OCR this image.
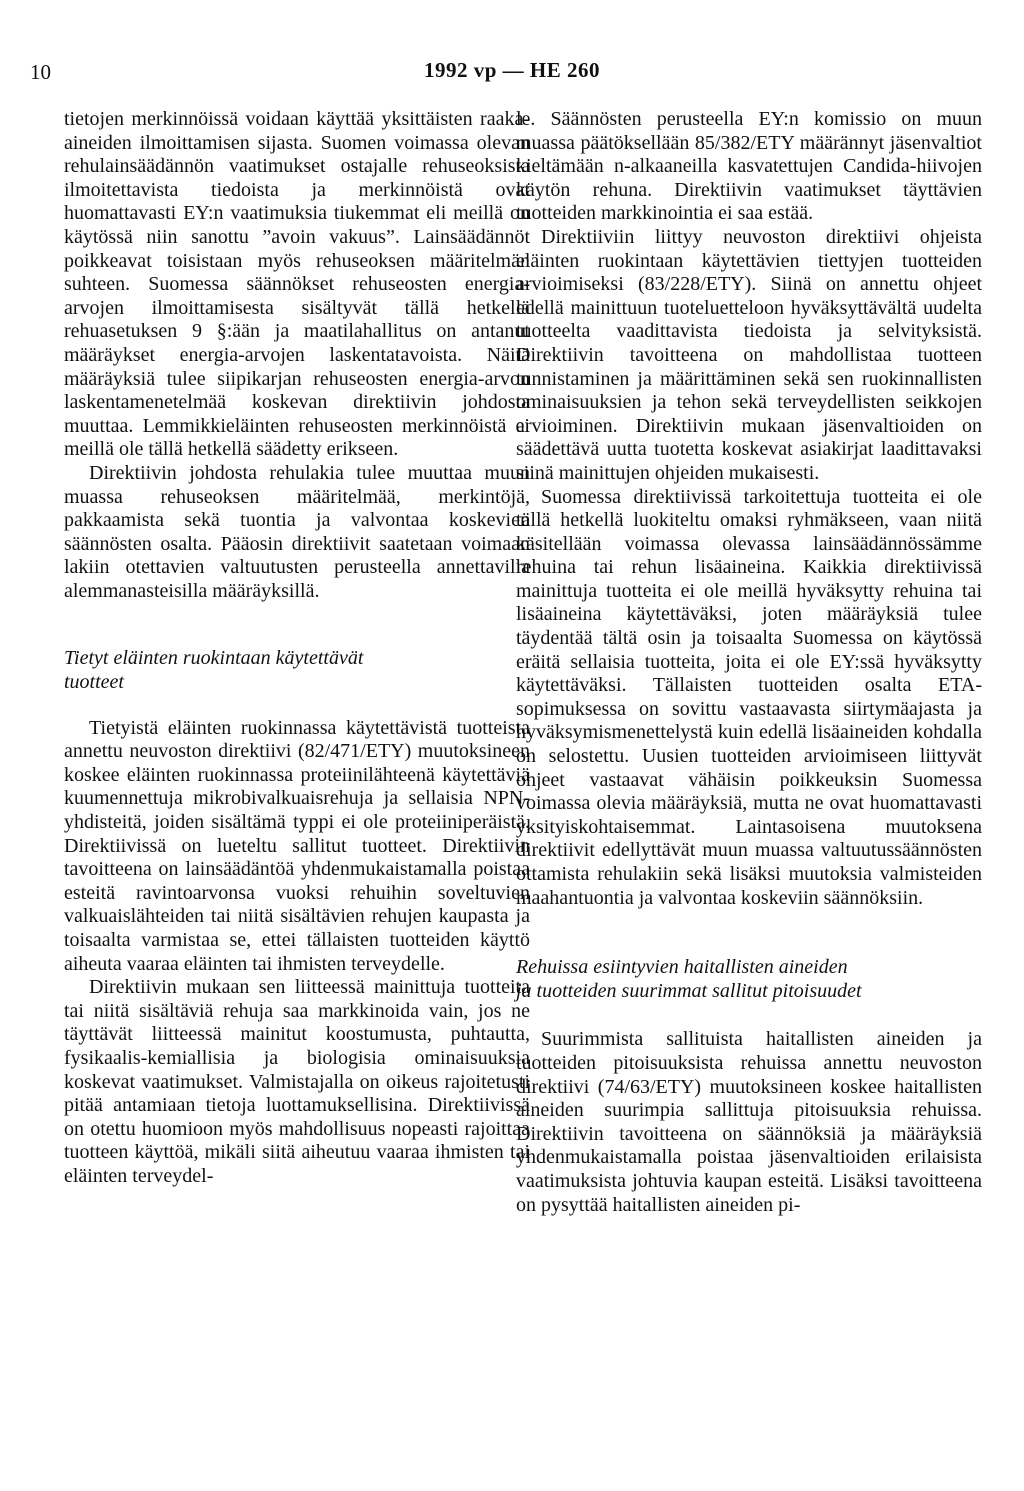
10	1992 vp — HE 260

tietojen merkinnöissä voidaan käyttää yksittäisten raaka-aineiden ilmoittamisen sijasta. Suomen voimassa olevan rehulainsäädännön vaatimukset ostajalle rehuseoksista ilmoitettavista tiedoista ja merkinnöistä ovat huomattavasti EY:n vaatimuksia tiukemmat eli meillä on käytössä niin sanottu ”avoin vakuus”. Lainsäädännöt poikkeavat toisistaan myös rehuseoksen määritelmän suhteen. Suomessa säännökset rehuseosten energia-arvojen ilmoittamisesta sisältyvät tällä hetkellä rehuasetuksen 9 §:ään ja maatilahallitus on antanut määräykset energia-arvojen laskentatavoista. Näitä määräyksiä tulee siipikarjan rehuseosten energia-arvon laskentamenetelmää koskevan direktiivin johdosta muuttaa. Lemmikkieläinten rehuseosten merkinnöistä ei meillä ole tällä hetkellä säädetty erikseen.

Direktiivin johdosta rehulakia tulee muuttaa muun muassa rehuseoksen määritelmää, merkintöjä, pakkaamista sekä tuontia ja valvontaa koskevien säännösten osalta. Pääosin direktiivit saatetaan voimaan lakiin otettavien valtuutusten perusteella annettavilla alemmanasteisilla määräyksillä.

Tietyt eläinten ruokintaan käytettävät
tuotteet

Tietyistä eläinten ruokinnassa käytettävistä tuotteista annettu neuvoston direktiivi (82/471/ETY) muutoksineen koskee eläinten ruokinnassa proteiinilähteenä käytettäviä kuumennettuja mikrobivalkuaisrehuja ja sellaisia NPN-yhdisteitä, joiden sisältämä typpi ei ole proteiiniperäistä. Direktiivissä on lueteltu sallitut tuotteet. Direktiivin tavoitteena on lainsäädäntöä yhdenmukaistamalla poistaa esteitä ravintoarvonsa vuoksi rehuihin soveltuvien valkuaislähteiden tai niitä sisältävien rehujen kaupasta ja toisaalta varmistaa se, ettei tällaisten tuotteiden käyttö aiheuta vaaraa eläinten tai ihmisten terveydelle.

Direktiivin mukaan sen liitteessä mainittuja tuotteita tai niitä sisältäviä rehuja saa markkinoida vain, jos ne täyttävät liitteessä mainitut koostumusta, puhtautta, fysikaalis-kemiallisia ja biologisia ominaisuuksia koskevat vaatimukset. Valmistajalla on oikeus rajoitetusti pitää antamiaan tietoja luottamuksellisina. Direktiivissä on otettu huomioon myös mahdollisuus nopeasti rajoittaa tuotteen käyttöä, mikäli siitä aiheutuu vaaraa ihmisten tai eläinten terveydel-

le. Säännösten perusteella EY:n komissio on muun muassa päätöksellään 85/382/ETY määrännyt jäsenvaltiot kieltämään n-alkaaneilla kasvatettujen Candida-hiivojen käytön rehuna. Direktiivin vaatimukset täyttävien tuotteiden markkinointia ei saa estää.

Direktiiviin liittyy neuvoston direktiivi ohjeista eläinten ruokintaan käytettävien tiettyjen tuotteiden arvioimiseksi (83/228/ETY). Siinä on annettu ohjeet edellä mainittuun tuoteluetteloon hyväksyttävältä uudelta tuotteelta vaadittavista tiedoista ja selvityksistä. Direktiivin tavoitteena on mahdollistaa tuotteen tunnistaminen ja määrittäminen sekä sen ruokinnallisten ominaisuuksien ja tehon sekä terveydellisten seikkojen arvioiminen. Direktiivin mukaan jäsenvaltioiden on säädettävä uutta tuotetta koskevat asiakirjat laadittavaksi siinä mainittujen ohjeiden mukaisesti.

Suomessa direktiivissä tarkoitettuja tuotteita ei ole tällä hetkellä luokiteltu omaksi ryhmäkseen, vaan niitä käsitellään voimassa olevassa lainsäädännössämme rehuina tai rehun lisäaineina. Kaikkia direktiivissä mainittuja tuotteita ei ole meillä hyväksytty rehuina tai lisäaineina käytettäväksi, joten määräyksiä tulee täydentää tältä osin ja toisaalta Suomessa on käytössä eräitä sellaisia tuotteita, joita ei ole EY:ssä hyväksytty käytettäväksi. Tällaisten tuotteiden osalta ETA-sopimuksessa on sovittu vastaavasta siirtymäajasta ja hyväksymismenettelystä kuin edellä lisäaineiden kohdalla on selostettu. Uusien tuotteiden arvioimiseen liittyvät ohjeet vastaavat vähäisin poikkeuksin Suomessa voimassa olevia määräyksiä, mutta ne ovat huomattavasti yksityiskohtaisemmat. Laintasoisena muutoksena direktiivit edellyttävät muun muassa valtuutussäännösten ottamista rehulakiin sekä lisäksi muutoksia valmisteiden maahantuontia ja valvontaa koskeviin säännöksiin.

Rehuissa esiintyvien haitallisten aineiden
ja tuotteiden suurimmat sallitut pitoisuudet

Suurimmista sallituista haitallisten aineiden ja tuotteiden pitoisuuksista rehuissa annettu neuvoston direktiivi (74/63/ETY) muutoksineen koskee haitallisten aineiden suurimpia sallittuja pitoisuuksia rehuissa. Direktiivin tavoitteena on säännöksiä ja määräyksiä yhdenmukaistamalla poistaa jäsenvaltioiden erilaisista vaatimuksista johtuvia kaupan esteitä. Lisäksi tavoitteena on pysyttää haitallisten aineiden pi-
